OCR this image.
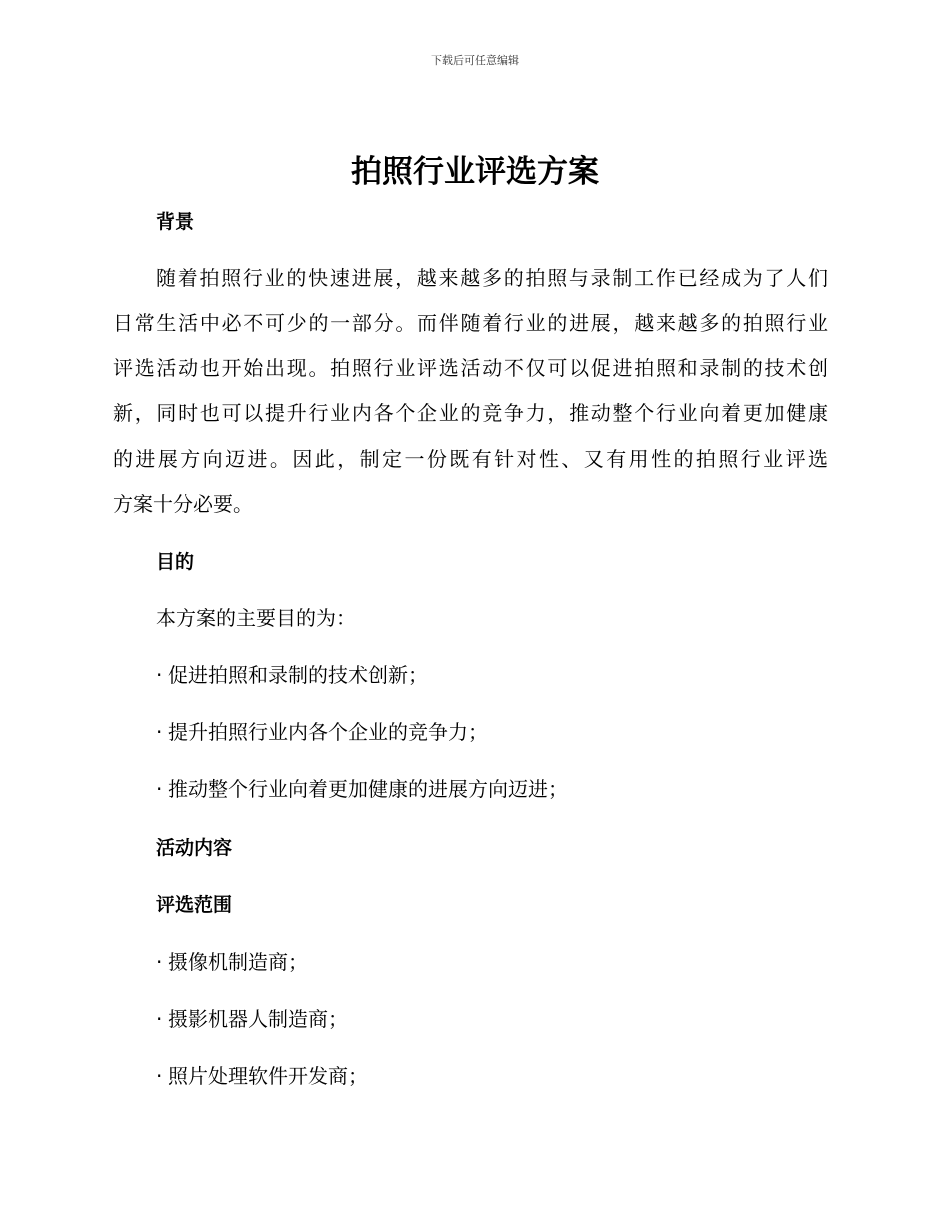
下载后可任意编辑
拍照行业评选方案
背景

随着拍照行业的快速进展，越来越多的拍照与录制工作已经成为了人们

日常生活中必不可少的一部分。而伴随着行业的进展，越来越多的拍照行业

评选活动也开始出现。拍照行业评选活动不仅可以促进拍照和录制的技术创

新，同时也可以提升行业内各个企业的竞争力，推动整个行业向着更加健康

的进展方向迈进。因此，制定一份既有针对性、又有用性的拍照行业评选

方案十分必要。

目的

本方案的主要目的为：

· 促进拍照和录制的技术创新；

· 提升拍照行业内各个企业的竞争力；

· 推动整个行业向着更加健康的进展方向迈进；

活动内容
评选范围

· 摄像机制造商；

· 摄影机器人制造商；

· 照片处理软件开发商；
